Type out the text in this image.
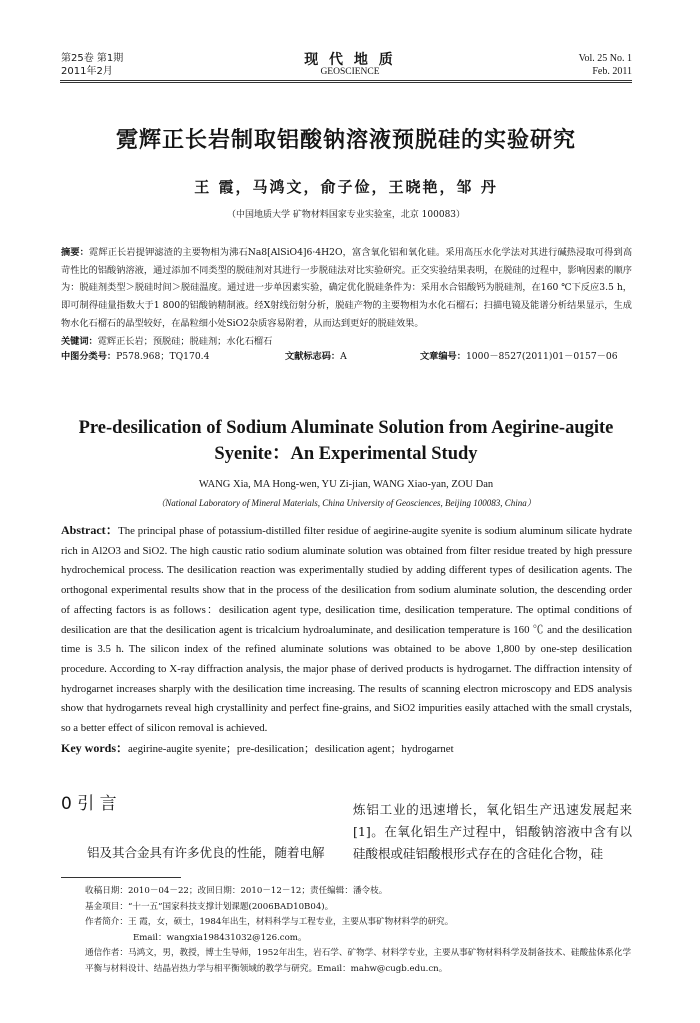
第25卷 第1期
2011年2月
现 代 地 质
GEOSCIENCE
Vol. 25 No. 1
Feb. 2011
霓辉正长岩制取铝酸钠溶液预脱硅的实验研究
王 霞，马鸿文，俞子俭，王晓艳，邹 丹
（中国地质大学 矿物材料国家专业实验室，北京 100083）
摘要：霓辉正长岩提钾滤渣的主要物相为沸石Na8[AlSiO4]6·4H2O，富含氧化铝和氧化硅。采用高压水化学法对其进行碱热浸取可得到高苛性比的铝酸钠溶液，通过添加不同类型的脱硅剂对其进行一步脱硅法对比实验研究。正交实验结果表明，在脱硅的过程中，影响因素的顺序为：脱硅剂类型＞脱硅时间＞脱硅温度。通过进一步单因素实验，确定优化脱硅条件为：采用水合铝酸钙为脱硅剂，在160 ℃下反应3.5 h，即可制得硅量指数大于1 800的铝酸钠精制液。经X射线衍射分析，脱硅产物的主要物相为水化石榴石；扫描电镜及能谱分析结果显示，生成物水化石榴石的晶型较好，在晶粒细小处SiO2杂质容易附着，从而达到更好的脱硅效果。
关键词：霓辉正长岩；预脱硅；脱硅剂；水化石榴石
中图分类号：P578.968；TQ170.4	文献标志码：A	文章编号：1000－8527(2011)01－0157－06
Pre-desilication of Sodium Aluminate Solution from Aegirine-augite
Syenite：An Experimental Study
WANG Xia, MA Hong-wen, YU Zi-jian, WANG Xiao-yan, ZOU Dan
（National Laboratory of Mineral Materials, China University of Geosciences, Beijing 100083, China）
Abstract：The principal phase of potassium-distilled filter residue of aegirine-augite syenite is sodium aluminum silicate hydrate rich in Al2O3 and SiO2. The high caustic ratio sodium aluminate solution was obtained from filter residue treated by high pressure hydrochemical process. The desilication reaction was experimentally studied by adding different types of desilication agents. The orthogonal experimental results show that in the process of the desilication from sodium aluminate solution, the descending order of affecting factors is as follows：desilication agent type, desilication time, desilication temperature. The optimal conditions of desilication are that the desilication agent is tricalcium hydroaluminate, and desilication temperature is 160 ℃ and the desilication time is 3.5 h. The silicon index of the refined aluminate solutions was obtained to be above 1,800 by one-step desilication procedure. According to X-ray diffraction analysis, the major phase of derived products is hydrogarnet. The diffraction intensity of hydrogarnet increases sharply with the desilication time increasing. The results of scanning electron microscopy and EDS analysis show that hydrogarnets reveal high crystallinity and perfect fine-grains, and SiO2 impurities easily attached with the small crystals, so a better effect of silicon removal is achieved.
Key words：aegirine-augite syenite；pre-desilication；desilication agent；hydrogarnet
0 引 言
铝及其合金具有许多优良的性能，随着电解
炼铝工业的迅速增长，氧化铝生产迅速发展起来[1]。在氧化铝生产过程中，铝酸钠溶液中含有以硅酸根或硅铝酸根形式存在的含硅化合物，硅

收稿日期：2010－04－22；改回日期：2010－12－12；责任编辑：潘令枝。

基金项目：“十一五”国家科技支撑计划课题(2006BAD10B04)。

作者简介：王 霞，女，硕士，1984年出生，材料科学与工程专业，主要从事矿物材料学的研究。

Email：wangxia198431032@126.com。

通信作者：马鸿文，男，教授，博士生导师，1952年出生，岩石学、矿物学、材料学专业，主要从事矿物材料科学及制备技术、硅酸盐体系化学平衡与材料设计、结晶岩热力学与相平衡领域的教学与研究。Email：mahw@cugb.edu.cn。
